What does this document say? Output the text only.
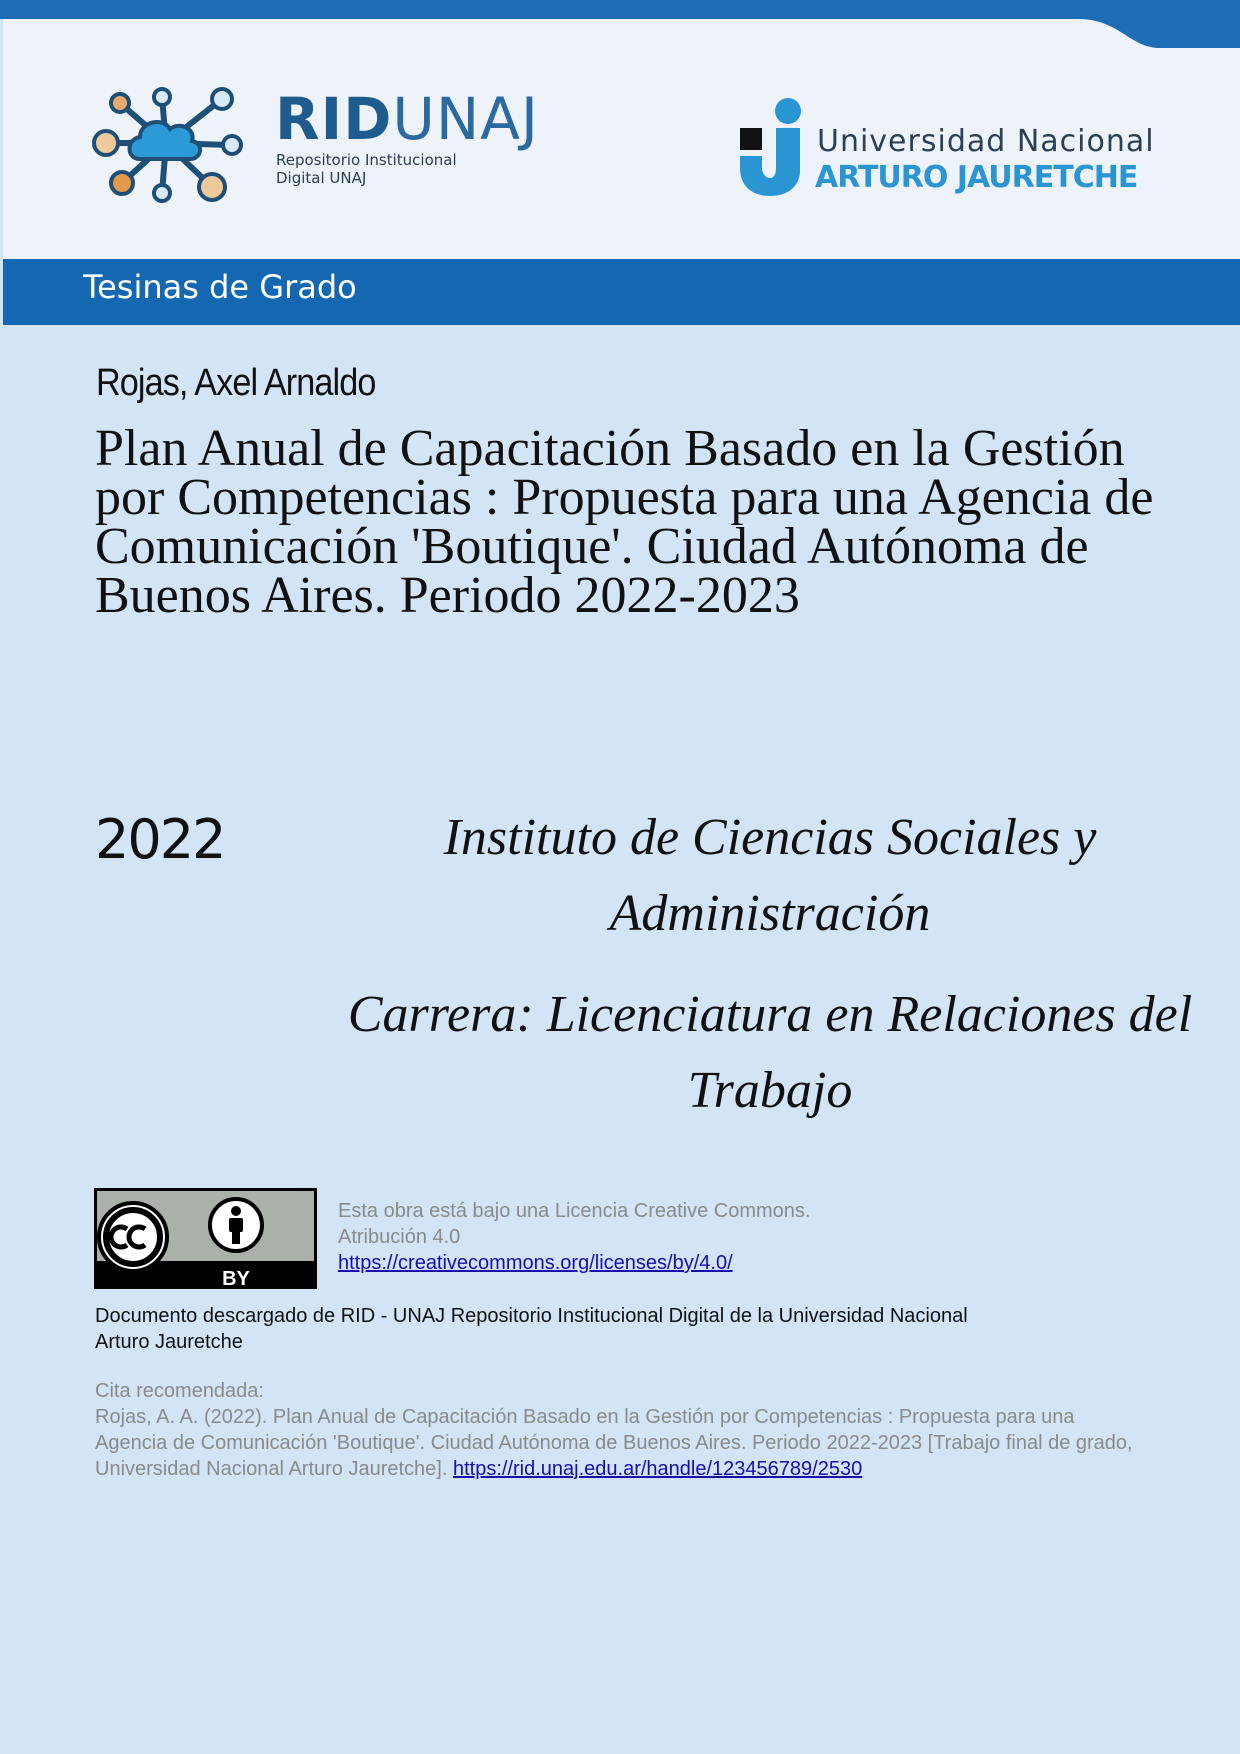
RIDUNAJ
Repositorio Institucional
Digital UNAJ
Universidad Nacional
ARTURO JAURETCHE
Tesinas de Grado
Rojas, Axel Arnaldo
Plan Anual de Capacitación Basado en la Gestión por Competencias : Propuesta para una Agencia de Comunicación 'Boutique'. Ciudad Autónoma de Buenos Aires. Periodo 2022-2023
2022	Instituto de Ciencias Sociales y Administración
Carrera: Licenciatura en Relaciones del Trabajo
BY
Esta obra está bajo una Licencia Creative Commons.
Atribución 4.0
https://creativecommons.org/licenses/by/4.0/
Documento descargado de RID - UNAJ Repositorio Institucional Digital de la Universidad Nacional Arturo Jauretche
Cita recomendada:
Rojas, A. A. (2022). Plan Anual de Capacitación Basado en la Gestión por Competencias : Propuesta para una Agencia de Comunicación 'Boutique'. Ciudad Autónoma de Buenos Aires. Periodo 2022-2023 [Trabajo final de grado, Universidad Nacional Arturo Jauretche]. https://rid.unaj.edu.ar/handle/123456789/2530
